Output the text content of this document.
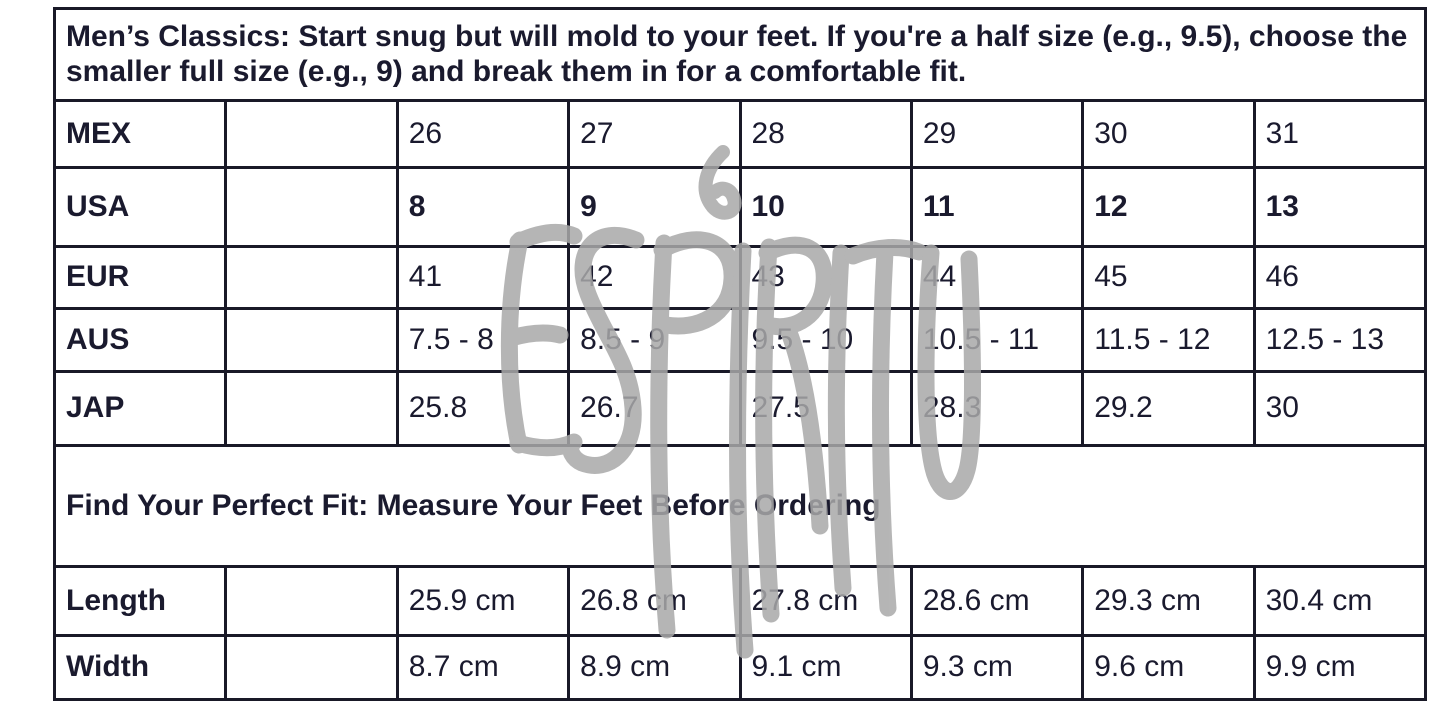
Men’s Classics: Start snug but will mold to your feet. If you're a half size (e.g., 9.5), choose the
smaller full size (e.g., 9) and break them in for a comfortable fit.							
MEX		26	27	28	29	30	31
USA		8	9	10	11	12	13
EUR		41	42	43	44	45	46
AUS		7.5 - 8	8.5 - 9	9.5 - 10	10.5 - 11	11.5 - 12	12.5 - 13
JAP		25.8	26.7	27.5	28.3	29.2	30
Find Your Perfect Fit: Measure Your Feet Before Ordering							
Length		25.9 cm	26.8 cm	27.8 cm	28.6 cm	29.3 cm	30.4 cm
Width		8.7 cm	8.9 cm	9.1 cm	9.3 cm	9.6 cm	9.9 cm
